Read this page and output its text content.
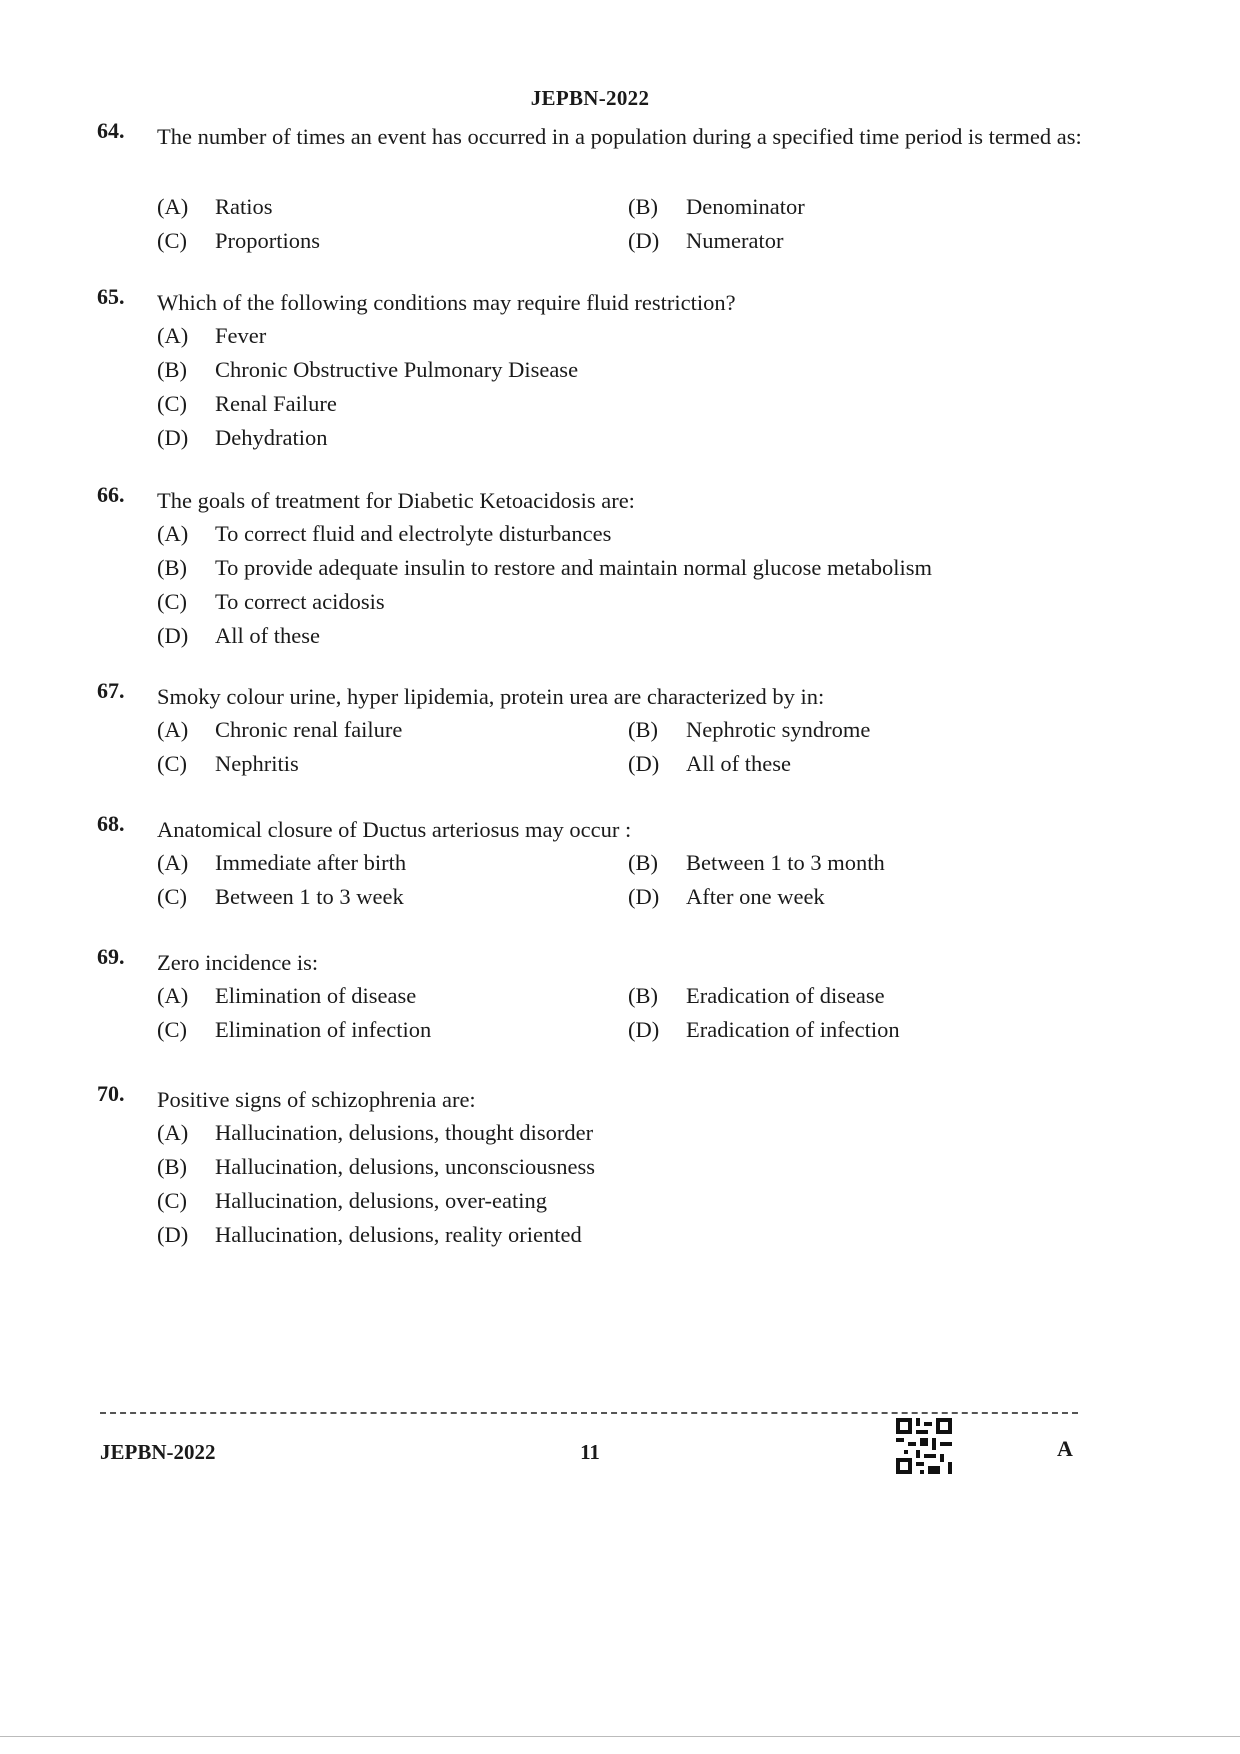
JEPBN-2022
64. The number of times an event has occurred in a population during a specified time period is termed as:
(A) Ratios	(B) Denominator
(C) Proportions	(D) Numerator
65. Which of the following conditions may require fluid restriction?
(A) Fever
(B) Chronic Obstructive Pulmonary Disease
(C) Renal Failure
(D) Dehydration
66. The goals of treatment for Diabetic Ketoacidosis are:
(A) To correct fluid and electrolyte disturbances
(B) To provide adequate insulin to restore and maintain normal glucose metabolism
(C) To correct acidosis
(D) All of these
67. Smoky colour urine, hyper lipidemia, protein urea are characterized by in:
(A) Chronic renal failure	(B) Nephrotic syndrome
(C) Nephritis	(D) All of these
68. Anatomical closure of Ductus arteriosus may occur :
(A) Immediate after birth	(B) Between 1 to 3 month
(C) Between 1 to 3 week	(D) After one week
69. Zero incidence is:
(A) Elimination of disease	(B) Eradication of disease
(C) Elimination of infection	(D) Eradication of infection
70. Positive signs of schizophrenia are:
(A) Hallucination, delusions, thought disorder
(B) Hallucination, delusions, unconsciousness
(C) Hallucination, delusions, over-eating
(D) Hallucination, delusions, reality oriented
JEPBN-2022	11	A
